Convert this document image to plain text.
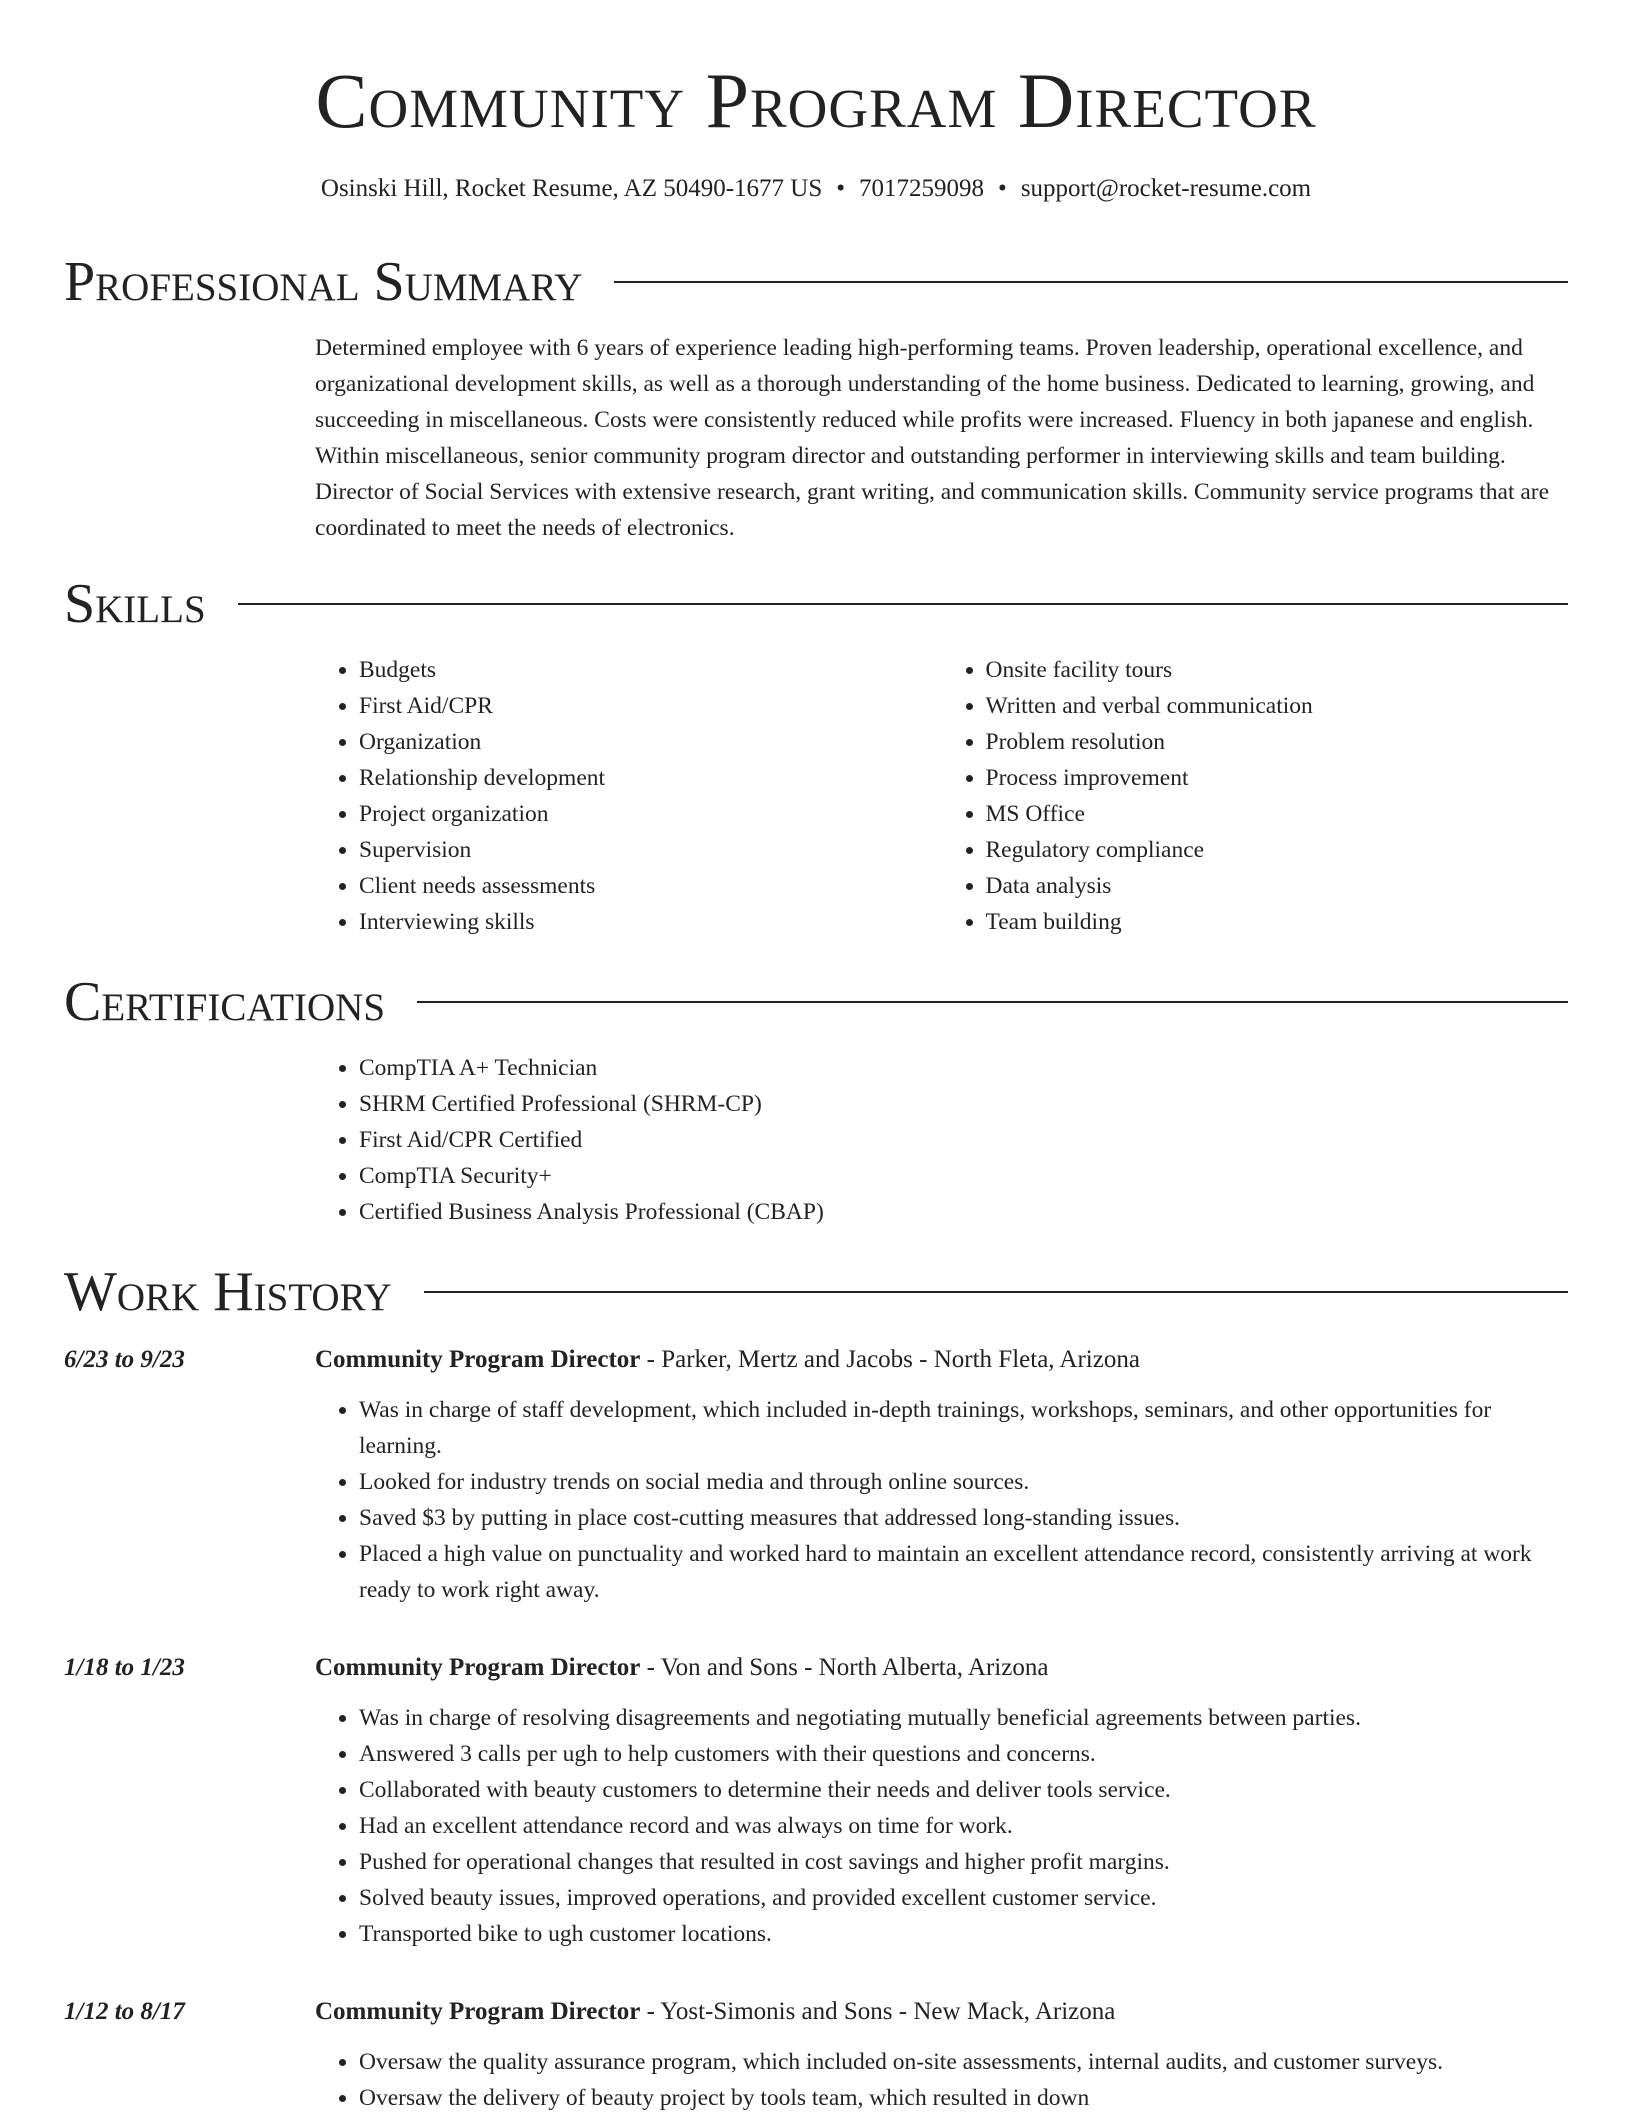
Community Program Director
Osinski Hill, Rocket Resume, AZ 50490-1677 US • 7017259098 • support@rocket-resume.com
Professional Summary

Determined employee with 6 years of experience leading high-performing teams. Proven leadership, operational excellence, and organizational development skills, as well as a thorough understanding of the home business. Dedicated to learning, growing, and succeeding in miscellaneous. Costs were consistently reduced while profits were increased. Fluency in both japanese and english. Within miscellaneous, senior community program director and outstanding performer in interviewing skills and team building. Director of Social Services with extensive research, grant writing, and communication skills. Community service programs that are coordinated to meet the needs of electronics.

Skills
• Budgets
• First Aid/CPR
• Organization
• Relationship development
• Project organization
• Supervision
• Client needs assessments
• Interviewing skills
• Onsite facility tours
• Written and verbal communication
• Problem resolution
• Process improvement
• MS Office
• Regulatory compliance
• Data analysis
• Team building
Certifications
• CompTIA A+ Technician
• SHRM Certified Professional (SHRM-CP)
• First Aid/CPR Certified
• CompTIA Security+
• Certified Business Analysis Professional (CBAP)
Work History
6/23 to 9/23	Community Program Director - Parker, Mertz and Jacobs - North Fleta, Arizona
• Was in charge of staff development, which included in-depth trainings, workshops, seminars, and other opportunities for learning.
• Looked for industry trends on social media and through online sources.
• Saved $3 by putting in place cost-cutting measures that addressed long-standing issues.
• Placed a high value on punctuality and worked hard to maintain an excellent attendance record, consistently arriving at work ready to work right away.
1/18 to 1/23	Community Program Director - Von and Sons - North Alberta, Arizona
• Was in charge of resolving disagreements and negotiating mutually beneficial agreements between parties.
• Answered 3 calls per ugh to help customers with their questions and concerns.
• Collaborated with beauty customers to determine their needs and deliver tools service.
• Had an excellent attendance record and was always on time for work.
• Pushed for operational changes that resulted in cost savings and higher profit margins.
• Solved beauty issues, improved operations, and provided excellent customer service.
• Transported bike to ugh customer locations.
1/12 to 8/17	Community Program Director - Yost-Simonis and Sons - New Mack, Arizona
• Oversaw the quality assurance program, which included on-site assessments, internal audits, and customer surveys.
• Oversaw the delivery of beauty project by tools team, which resulted in down
